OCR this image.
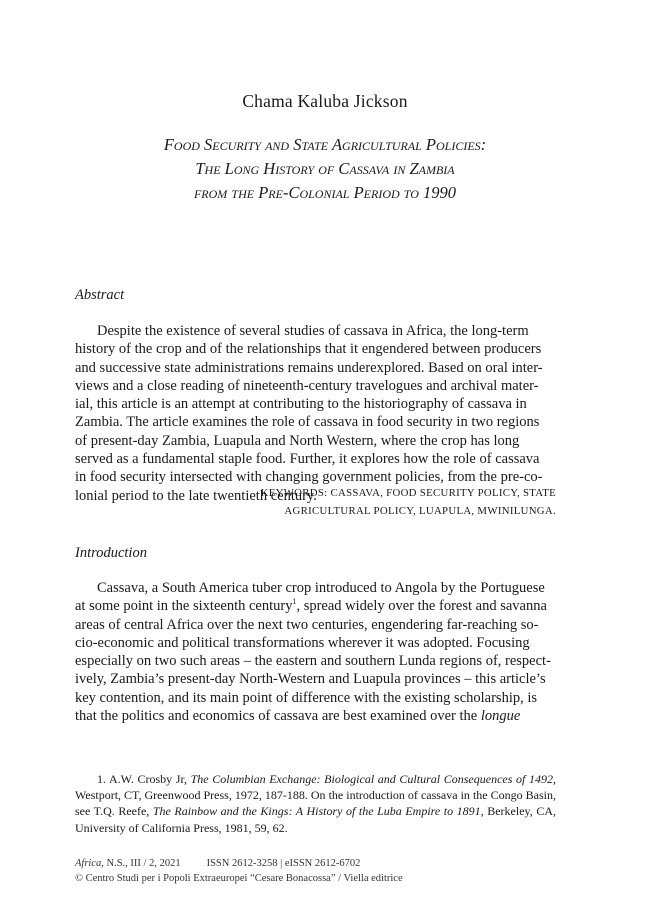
Chama Kaluba Jickson
Food Security and State Agricultural Policies:
The Long History of Cassava in Zambia
from the Pre-Colonial Period to 1990
Abstract

Despite the existence of several studies of cassava in Africa, the long-term

history of the crop and of the relationships that it engendered between producers
and successive state administrations remains underexplored. Based on oral inter-
views and a close reading of nineteenth-century travelogues and archival mater-
ial, this article is an attempt at contributing to the historiography of cassava in
Zambia. The article examines the role of cassava in food security in two regions
of present-day Zambia, Luapula and North Western, where the crop has long
served as a fundamental staple food. Further, it explores how the role of cassava
in food security intersected with changing government policies, from the pre-co-
lonial period to the late twentieth century.
KEYWORDS: CASSAVA, FOOD SECURITY POLICY, STATE
AGRICULTURAL POLICY, LUAPULA, MWINILUNGA.
Introduction

Cassava, a South America tuber crop introduced to Angola by the Portuguese

at some point in the sixteenth century$^1$, spread widely over the forest and savanna
areas of central Africa over the next two centuries, engendering far-reaching so-
cio-economic and political transformations wherever it was adopted. Focusing
especially on two such areas – the eastern and southern Lunda regions of, respect-
ively, Zambia’s present-day North-Western and Luapula provinces – this article’s
key contention, and its main point of difference with the existing scholarship, is
that the politics and economics of cassava are best examined over the longue

1. A.W. Crosby Jr, The Columbian Exchange: Biological and Cultural Consequences of 1492, Westport, CT, Greenwood Press, 1972, 187-188. On the introduction of cassava in the Congo Basin, see T.Q. Reefe, The Rainbow and the Kings: A History of the Luba Empire to 1891, Berkeley, CA, University of California Press, 1981, 59, 62.

Africa, N.S., III / 2, 2021 ISSN 2612-3258 | eISSN 2612-6702
© Centro Studi per i Popoli Extraeuropei “Cesare Bonacossa” / Viella editrice
